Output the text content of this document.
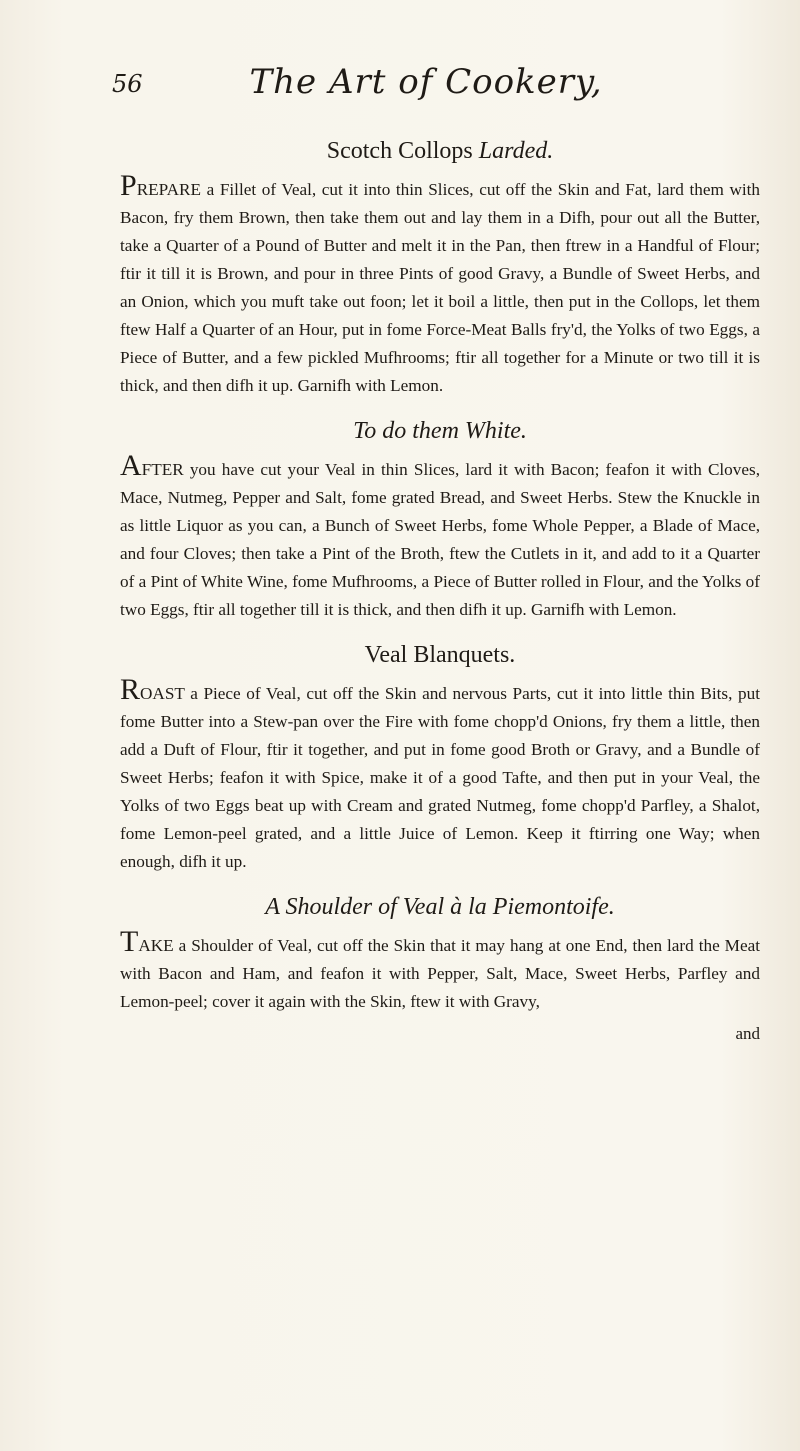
56	The Art of Cookery,
Scotch Collops Larded.

PREPARE a Fillet of Veal, cut it into thin Slices, cut off the Skin and Fat, lard them with Bacon, fry them Brown, then take them out and lay them in a Difh, pour out all the Butter, take a Quarter of a Pound of Butter and melt it in the Pan, then ftrew in a Handful of Flour; ftir it till it is Brown, and pour in three Pints of good Gravy, a Bundle of Sweet Herbs, and an Onion, which you muft take out foon; let it boil a little, then put in the Collops, let them ftew Half a Quarter of an Hour, put in fome Force-Meat Balls fry'd, the Yolks of two Eggs, a Piece of Butter, and a few pickled Mufhrooms; ftir all together for a Minute or two till it is thick, and then difh it up. Garnifh with Lemon.

To do them White.

AFTER you have cut your Veal in thin Slices, lard it with Bacon; feafon it with Cloves, Mace, Nutmeg, Pepper and Salt, fome grated Bread, and Sweet Herbs. Stew the Knuckle in as little Liquor as you can, a Bunch of Sweet Herbs, fome Whole Pepper, a Blade of Mace, and four Cloves; then take a Pint of the Broth, ftew the Cutlets in it, and add to it a Quarter of a Pint of White Wine, fome Mufhrooms, a Piece of Butter rolled in Flour, and the Yolks of two Eggs, ftir all together till it is thick, and then difh it up. Garnifh with Lemon.

Veal Blanquets.

ROAST a Piece of Veal, cut off the Skin and nervous Parts, cut it into little thin Bits, put fome Butter into a Stew-pan over the Fire with fome chopp'd Onions, fry them a little, then add a Duft of Flour, ftir it together, and put in fome good Broth or Gravy, and a Bundle of Sweet Herbs; feafon it with Spice, make it of a good Tafte, and then put in your Veal, the Yolks of two Eggs beat up with Cream and grated Nutmeg, fome chopp'd Parfley, a Shalot, fome Lemon-peel grated, and a little Juice of Lemon. Keep it ftirring one Way; when enough, difh it up.

A Shoulder of Veal à la Piemontoife.

TAKE a Shoulder of Veal, cut off the Skin that it may hang at one End, then lard the Meat with Bacon and Ham, and feafon it with Pepper, Salt, Mace, Sweet Herbs, Parfley and Lemon-peel; cover it again with the Skin, ftew it with Gravy,

and
